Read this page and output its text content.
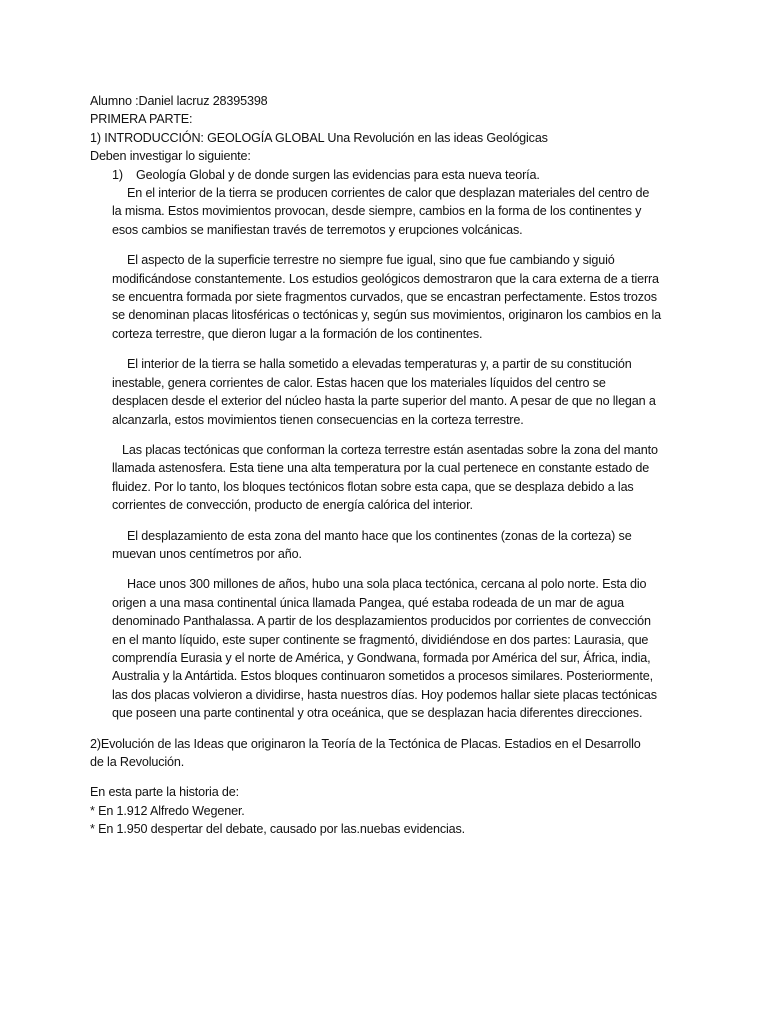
Alumno :Daniel lacruz 28395398

PRIMERA PARTE:

1) INTRODUCCIÓN: GEOLOGÍA GLOBAL Una Revolución en las ideas Geológicas

Deben investigar lo siguiente:

1) Geología Global y de donde surgen las evidencias para esta nueva teoría.

En el interior de la tierra se producen corrientes de calor que desplazan materiales del centro de
la misma. Estos movimientos provocan, desde siempre, cambios en la forma de los continentes y
esos cambios se manifiestan través de terremotos y erupciones volcánicas.
El aspecto de la superficie terrestre no siempre fue igual, sino que fue cambiando y siguió
modificándose constantemente. Los estudios geológicos demostraron que la cara externa de a tierra
se encuentra formada por siete fragmentos curvados, que se encastran perfectamente. Estos trozos
se denominan placas litosféricas o tectónicas y, según sus movimientos, originaron los cambios en la
corteza terrestre, que dieron lugar a la formación de los continentes.
El interior de la tierra se halla sometido a elevadas temperaturas y, a partir de su constitución
inestable, genera corrientes de calor. Estas hacen que los materiales líquidos del centro se
desplacen desde el exterior del núcleo hasta la parte superior del manto. A pesar de que no llegan a
alcanzarla, estos movimientos tienen consecuencias en la corteza terrestre.
Las placas tectónicas que conforman la corteza terrestre están asentadas sobre la zona del manto
llamada astenosfera. Esta tiene una alta temperatura por la cual pertenece en constante estado de
fluidez. Por lo tanto, los bloques tectónicos flotan sobre esta capa, que se desplaza debido a las
corrientes de convección, producto de energía calórica del interior.
El desplazamiento de esta zona del manto hace que los continentes (zonas de la corteza) se
muevan unos centímetros por año.
Hace unos 300 millones de años, hubo una sola placa tectónica, cercana al polo norte. Esta dio
origen a una masa continental única llamada Pangea, qué estaba rodeada de un mar de agua
denominado Panthalassa. A partir de los desplazamientos producidos por corrientes de convección
en el manto líquido, este super continente se fragmentó, dividiéndose en dos partes: Laurasia, que
comprendía Eurasia y el norte de América, y Gondwana, formada por América del sur, África, india,
Australia y la Antártida. Estos bloques continuaron sometidos a procesos similares. Posteriormente,
las dos placas volvieron a dividirse, hasta nuestros días. Hoy podemos hallar siete placas tectónicas
que poseen una parte continental y otra oceánica, que se desplazan hacia diferentes direcciones.
2)Evolución de las Ideas que originaron la Teoría de la Tectónica de Placas. Estadios en el Desarrollo
de la Revolución.

En esta parte la historia de:

* En 1.912 Alfredo Wegener.

* En 1.950 despertar del debate, causado por las.nuebas evidencias.
